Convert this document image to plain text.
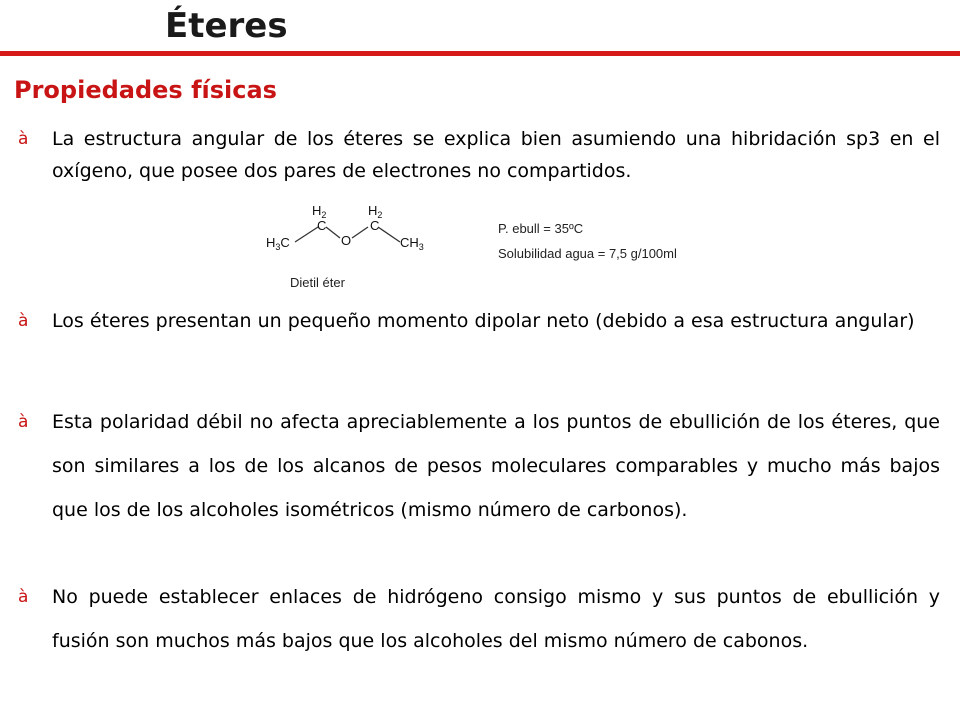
Éteres
Propiedades físicas
à La estructura angular de los éteres se explica bien asumiendo una hibridación sp3 en el oxígeno, que posee dos pares de electrones no compartidos.
$H_2$
C
$H_3C$	O
$H_2$
C
$CH_3$
Dietil éter
P. ebull = 35ºC
Solubilidad agua = 7,5 g/100ml
à Los éteres presentan un pequeño momento dipolar neto (debido a esa estructura angular)
à Esta polaridad débil no afecta apreciablemente a los puntos de ebullición de los éteres, que son similares a los de los alcanos de pesos moleculares comparables y mucho más bajos que los de los alcoholes isométricos (mismo número de carbonos).
à No puede establecer enlaces de hidrógeno consigo mismo y sus puntos de ebullición y fusión son muchos más bajos que los alcoholes del mismo número de cabonos.
